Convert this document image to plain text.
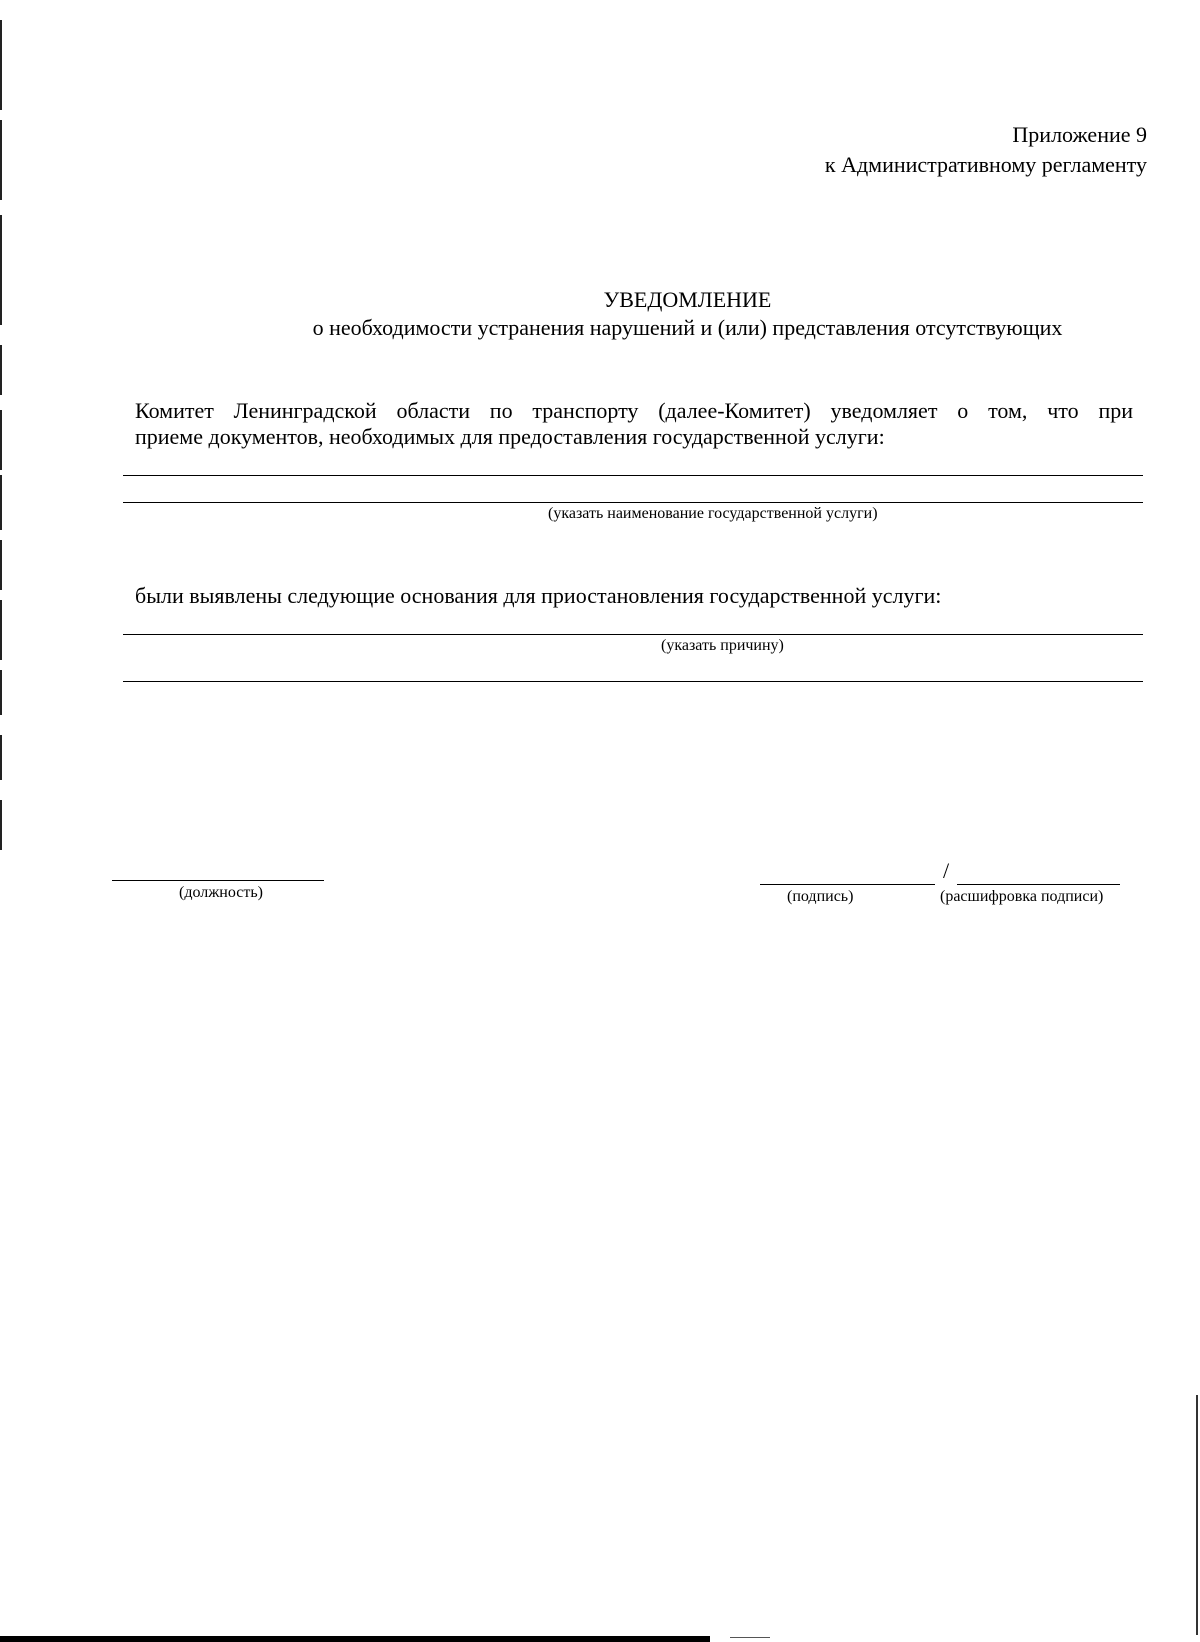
Приложение 9
к Административному регламенту
УВЕДОМЛЕНИЕ
о необходимости устранения нарушений и (или) представления отсутствующих
Комитет Ленинградской области по транспорту (далее-Комитет) уведомляет о том, что при
приеме документов, необходимых для предоставления государственной услуги:
(указать наименование государственной услуги)
были выявлены следующие основания для приостановления государственной услуги:
(указать причину)
(должность)
/
(подпись)	(расшифровка подписи)
